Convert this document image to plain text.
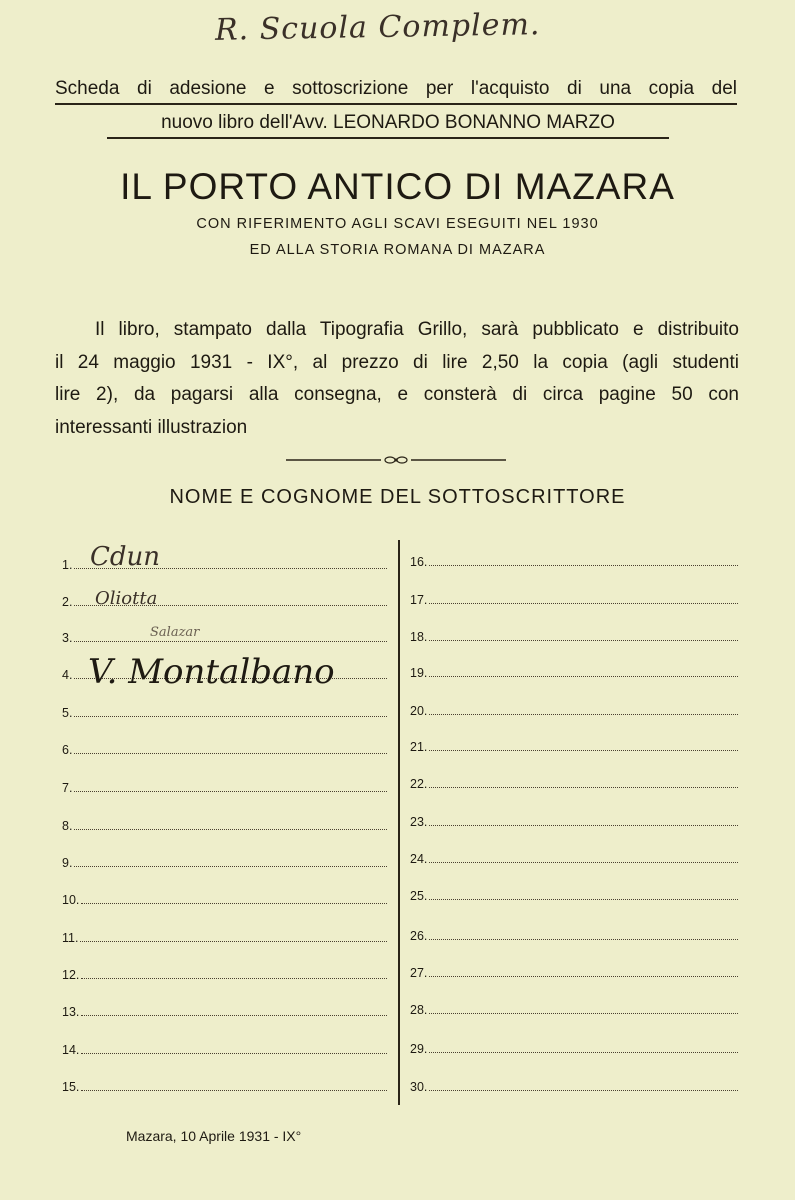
R. Scuola Complem.
Scheda di adesione e sottoscrizione per l'acquisto di una copia del
nuovo libro dell'Avv. LEONARDO BONANNO MARZO
IL PORTO ANTICO DI MAZARA
CON RIFERIMENTO AGLI SCAVI ESEGUITI NEL 1930
ED ALLA STORIA ROMANA DI MAZARA
Il libro, stampato dalla Tipografia Grillo, sarà pubblicato e distribuito
il 24 maggio 1931 - IX°, al prezzo di lire 2,50 la copia (agli studenti
lire 2), da pagarsi alla consegna, e consterà di circa pagine 50 con
interessanti illustrazion
NOME E COGNOME DEL SOTTOSCRITTORE
1.
2.
3.
4.
5.
6.
7.
8.
9.
10.
11.
12.
13.
14.
15.
16.
17.
18.
19.
20.
21.
22.
23.
24.
25.
26.
27.
28.
29.
30.
Cdun
Oliotta
Salazar
V. Montalbano
Mazara, 10 Aprile 1931 - IX°
